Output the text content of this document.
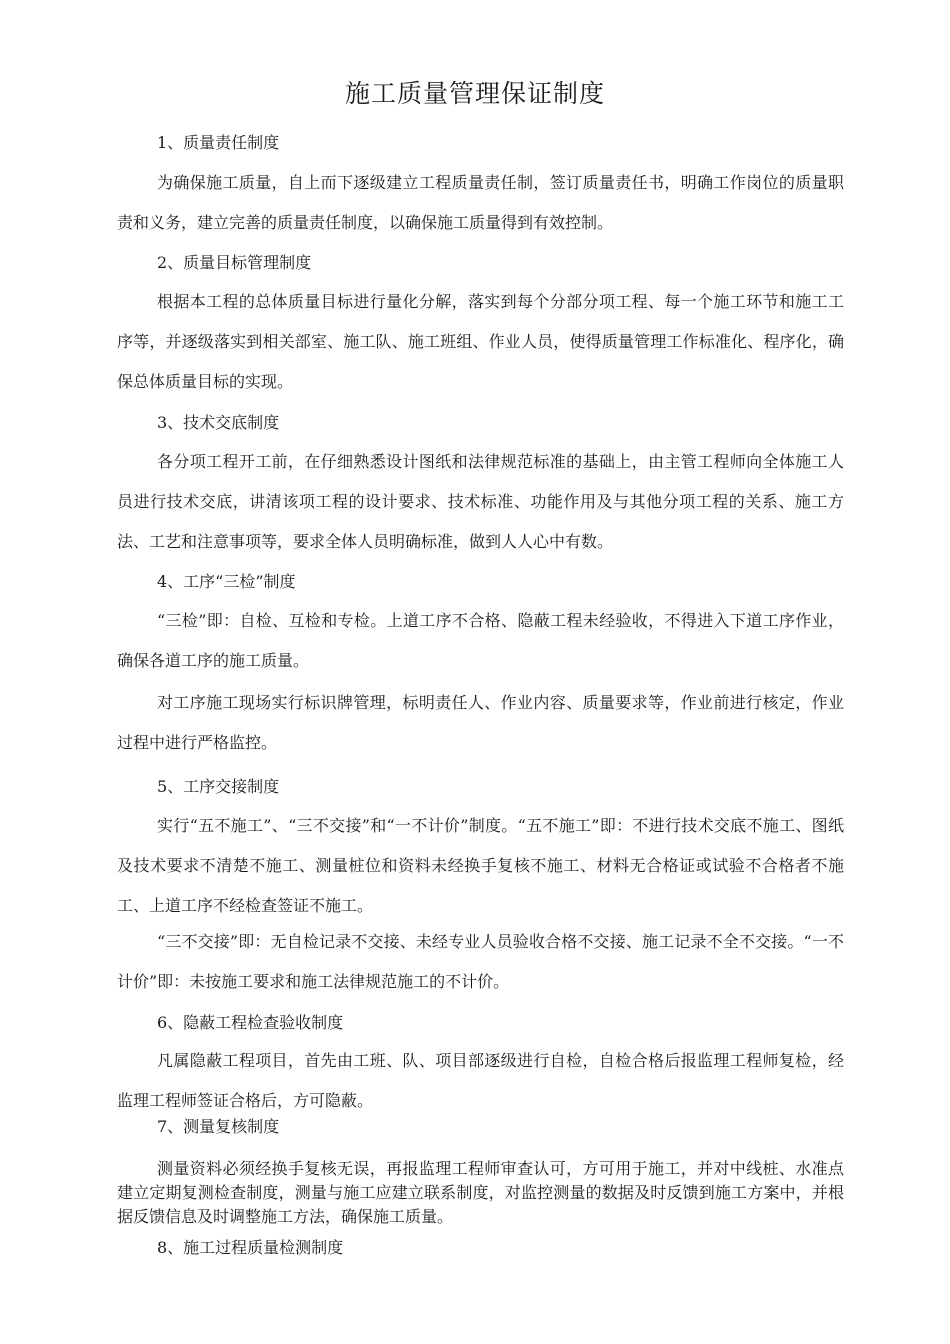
施工质量管理保证制度
1、质量责任制度

为确保施工质量，自上而下逐级建立工程质量责任制，签订质量责任书，明确工作岗位的质量职责和义务，建立完善的质量责任制度，以确保施工质量得到有效控制。

2、质量目标管理制度

根据本工程的总体质量目标进行量化分解，落实到每个分部分项工程、每一个施工环节和施工工序等，并逐级落实到相关部室、施工队、施工班组、作业人员，使得质量管理工作标准化、程序化，确保总体质量目标的实现。

3、技术交底制度

各分项工程开工前，在仔细熟悉设计图纸和法律规范标准的基础上，由主管工程师向全体施工人员进行技术交底，讲清该项工程的设计要求、技术标准、功能作用及与其他分项工程的关系、施工方法、工艺和注意事项等，要求全体人员明确标准，做到人人心中有数。

4、工序“三检”制度

“三检”即：自检、互检和专检。上道工序不合格、隐蔽工程未经验收，不得进入下道工序作业，确保各道工序的施工质量。

对工序施工现场实行标识牌管理，标明责任人、作业内容、质量要求等，作业前进行核定，作业过程中进行严格监控。

5、工序交接制度

实行“五不施工”、“三不交接”和“一不计价”制度。“五不施工”即：不进行技术交底不施工、图纸及技术要求不清楚不施工、测量桩位和资料未经换手复核不施工、材料无合格证或试验不合格者不施工、上道工序不经检查签证不施工。

“三不交接”即：无自检记录不交接、未经专业人员验收合格不交接、施工记录不全不交接。“一不计价”即：未按施工要求和施工法律规范施工的不计价。

6、隐蔽工程检查验收制度

凡属隐蔽工程项目，首先由工班、队、项目部逐级进行自检，自检合格后报监理工程师复检，经监理工程师签证合格后，方可隐蔽。

7、测量复核制度

测量资料必须经换手复核无误，再报监理工程师审查认可，方可用于施工，并对中线桩、水准点建立定期复测检查制度，测量与施工应建立联系制度，对监控测量的数据及时反馈到施工方案中，并根据反馈信息及时调整施工方法，确保施工质量。

8、施工过程质量检测制度
